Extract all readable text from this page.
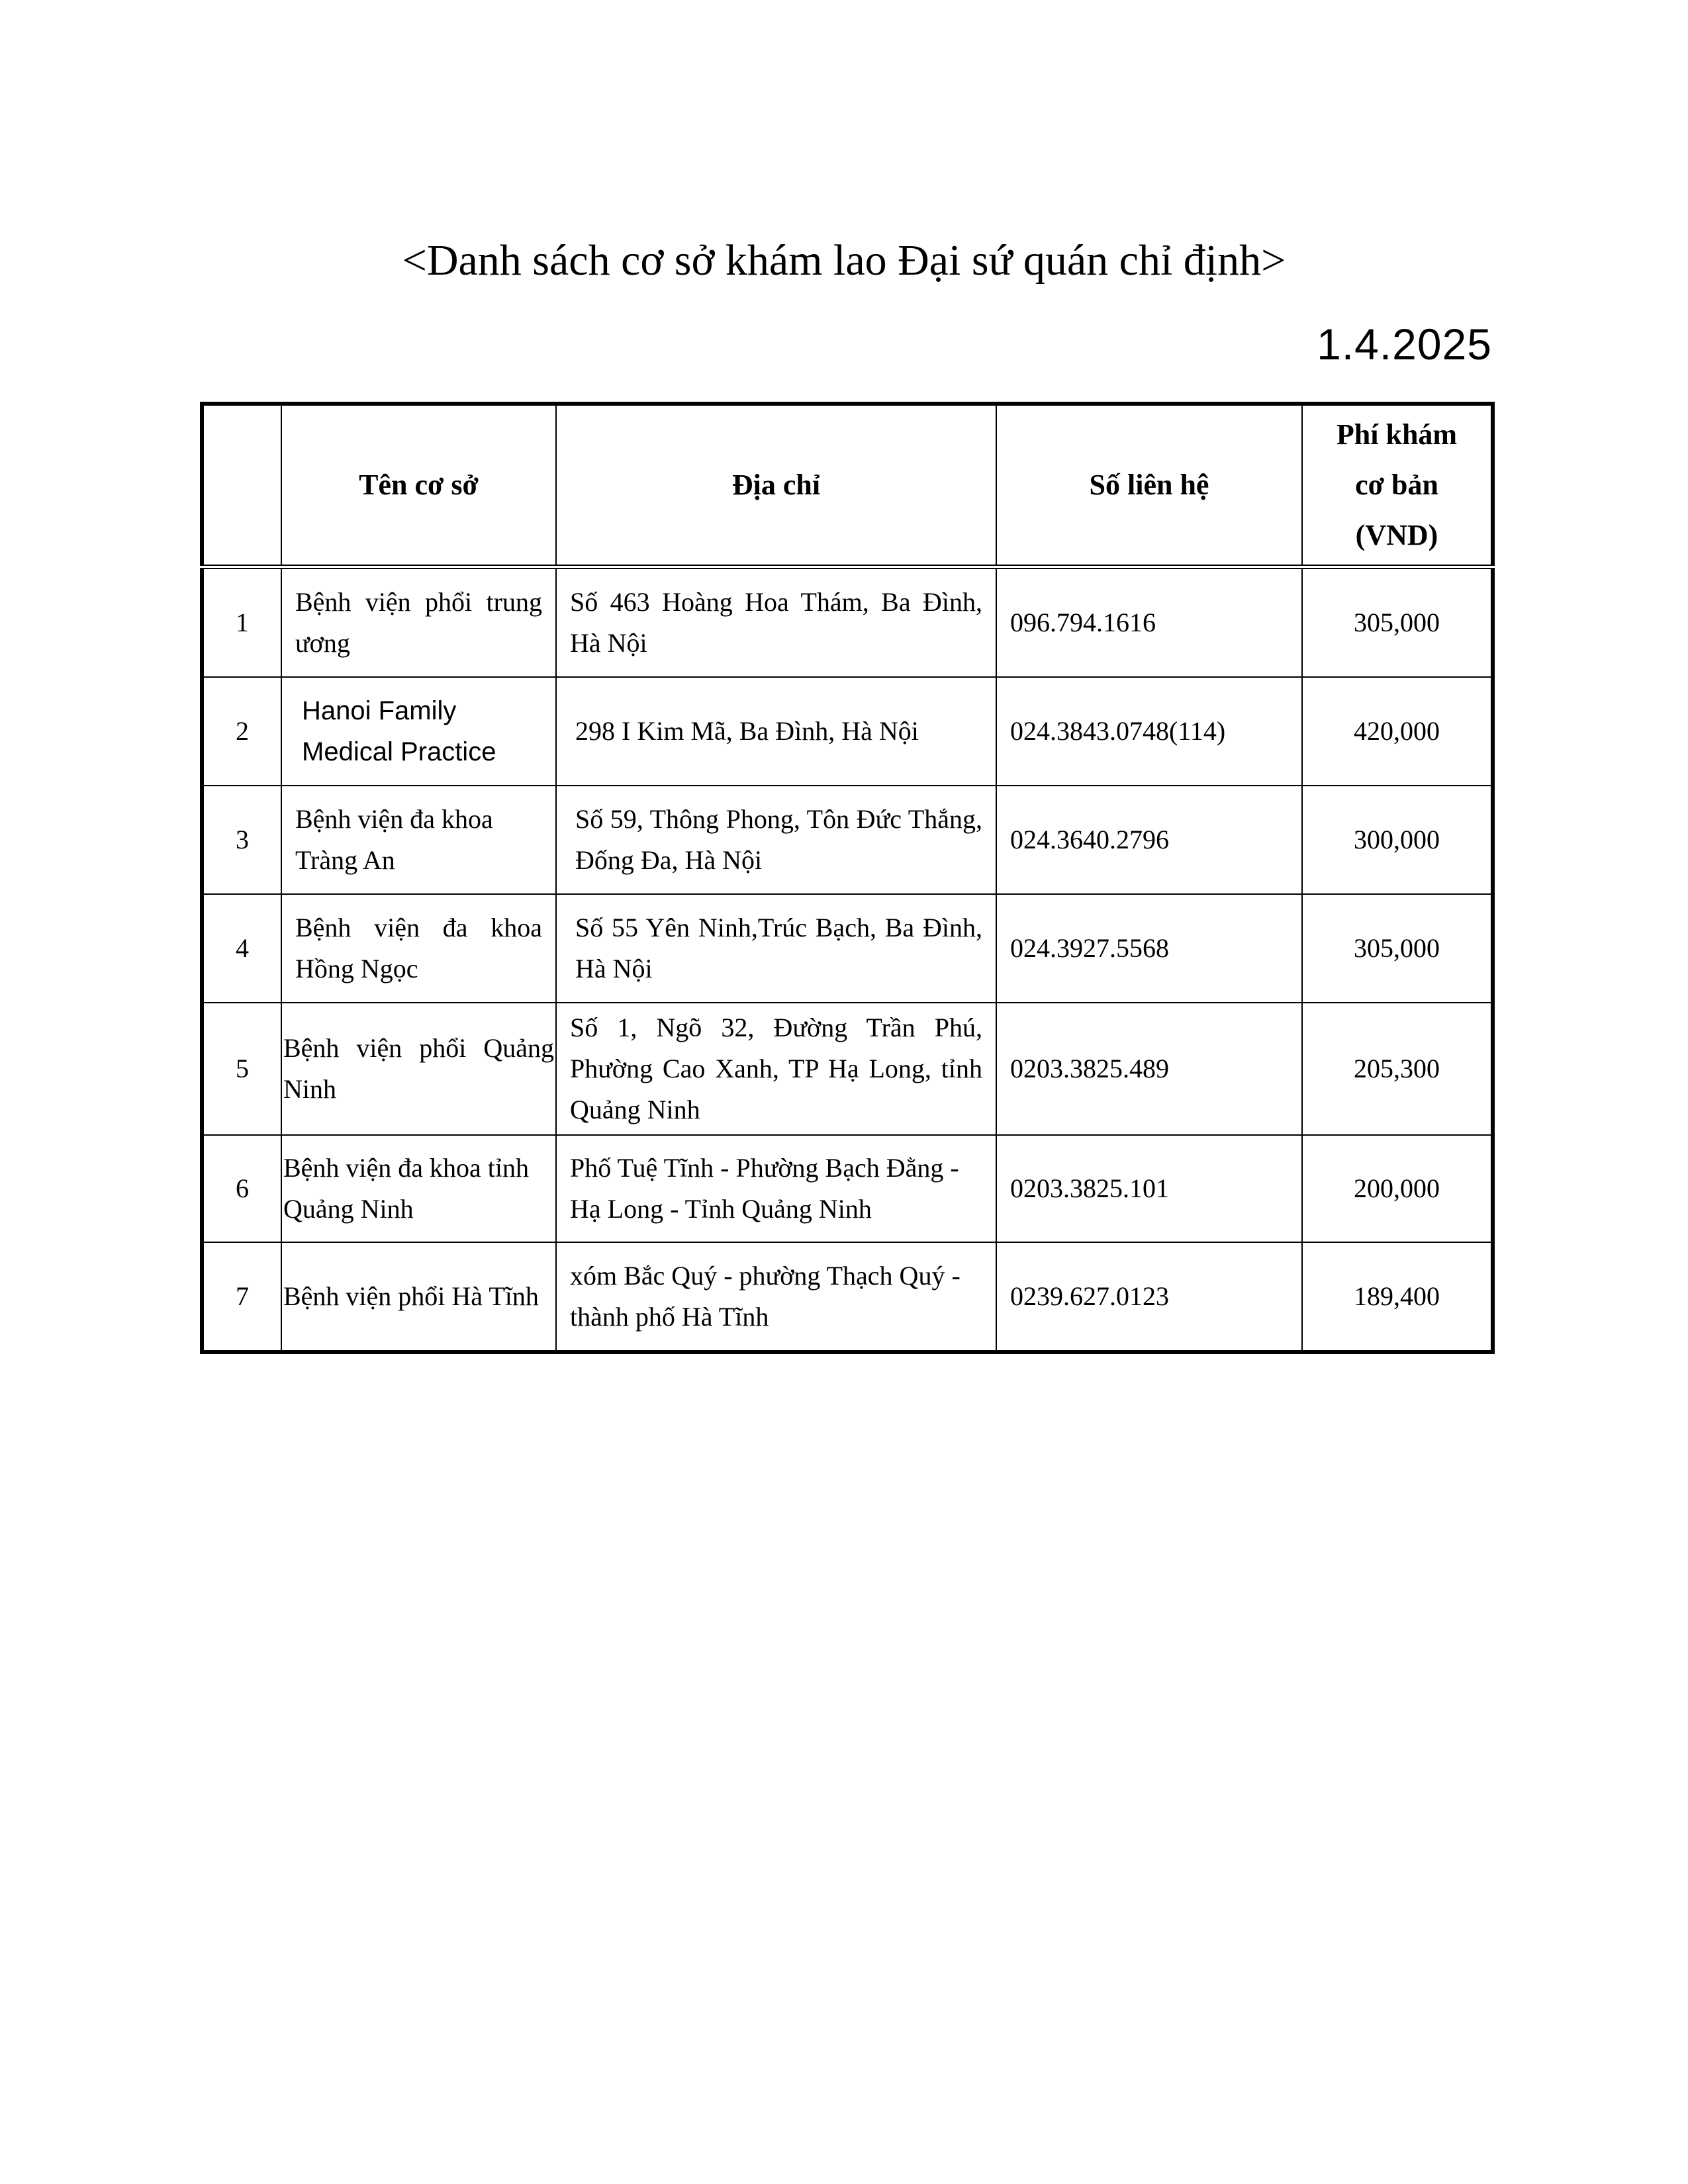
<Danh sách cơ sở khám lao Đại sứ quán chỉ định>
1.4.2025
	Tên cơ sở	Địa chỉ	Số liên hệ	Phí khám cơ bản (VND)
1	Bệnh viện phổi trung ương	Số 463 Hoàng Hoa Thám, Ba Đình, Hà Nội	096.794.1616	305,000
2	Hanoi Family Medical Practice	298 I Kim Mã, Ba Đình, Hà Nội	024.3843.0748(114)	420,000
3	Bệnh viện đa khoa Tràng An	Số 59, Thông Phong, Tôn Đức Thắng, Đống Đa, Hà Nội	024.3640.2796	300,000
4	Bệnh viện đa khoa Hồng Ngọc	Số 55 Yên Ninh,Trúc Bạch, Ba Đình, Hà Nội	024.3927.5568	305,000
5	Bệnh viện phổi Quảng Ninh	Số 1, Ngõ 32, Đường Trần Phú, Phường Cao Xanh, TP Hạ Long, tỉnh Quảng Ninh	0203.3825.489	205,300
6	Bệnh viện đa khoa tỉnh Quảng Ninh	Phố Tuệ Tĩnh - Phường Bạch Đằng - Hạ Long - Tỉnh Quảng Ninh	0203.3825.101	200,000
7	Bệnh viện phổi Hà Tĩnh	xóm Bắc Quý - phường Thạch Quý - thành phố Hà Tĩnh	0239.627.0123	189,400
